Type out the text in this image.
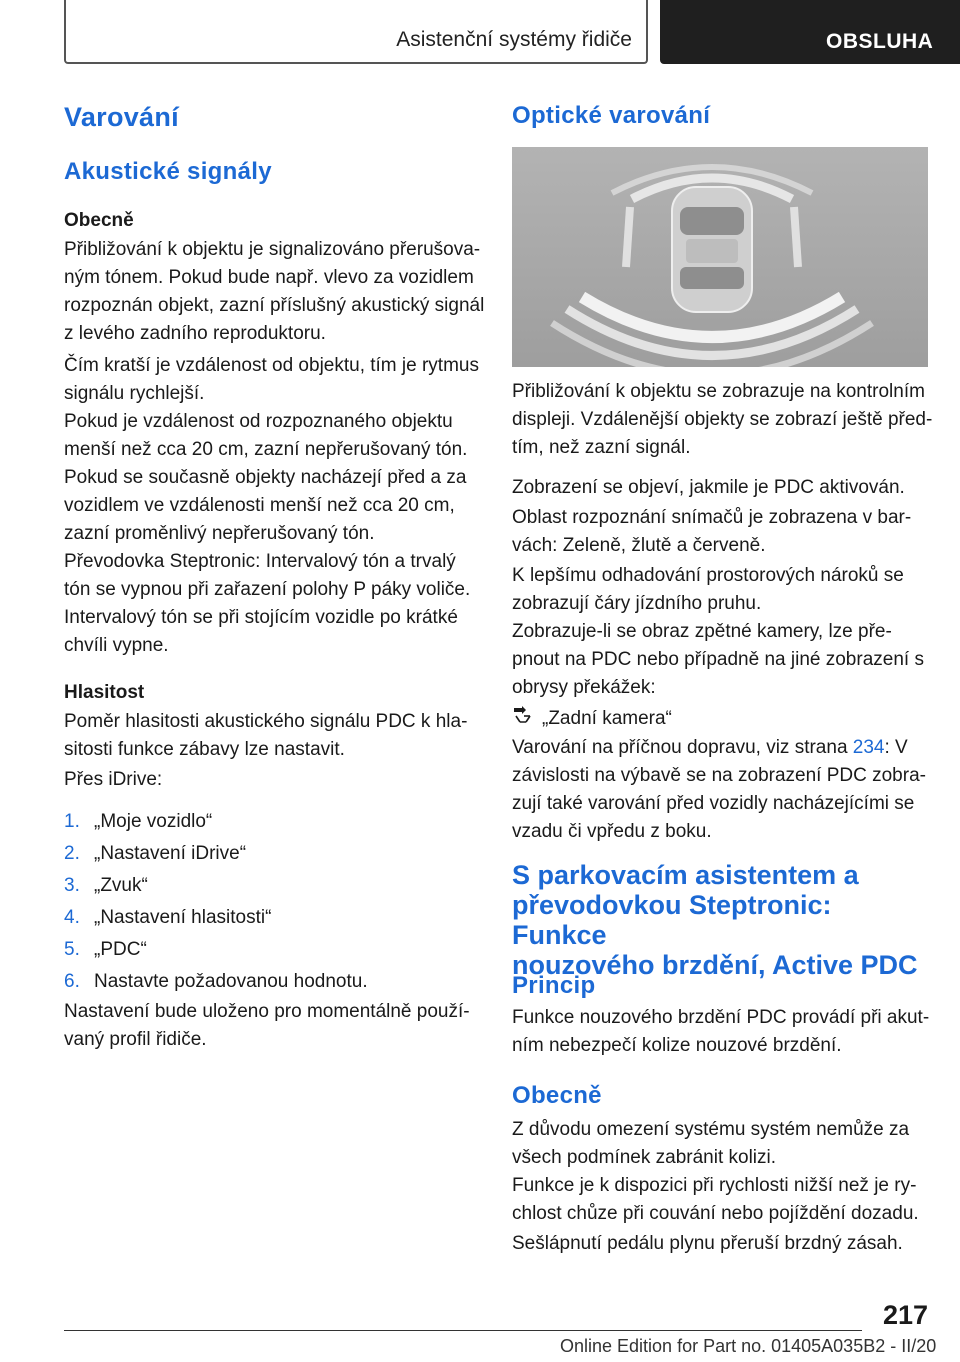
Asistenční systémy řidiče	OBSLUHA
Varování
Akustické signály
Obecně

Přibližování k objektu je signalizováno přerušova-
ným tónem. Pokud bude např. vlevo za vozidlem
rozpoznán objekt, zazní příslušný akustický signál
z levého zadního reproduktoru.

Čím kratší je vzdálenost od objektu, tím je rytmus
signálu rychlejší.

Pokud je vzdálenost od rozpoznaného objektu
menší než cca 20 cm, zazní nepřerušovaný tón.

Pokud se současně objekty nacházejí před a za
vozidlem ve vzdálenosti menší než cca 20 cm,
zazní proměnlivý nepřerušovaný tón.

Převodovka Steptronic: Intervalový tón a trvalý
tón se vypnou při zařazení polohy P páky voliče.

Intervalový tón se při stojícím vozidle po krátké
chvíli vypne.

Hlasitost

Poměr hlasitosti akustického signálu PDC k hla-
sitosti funkce zábavy lze nastavit.

Přes iDrive:

1. „Moje vozidlo“
2. „Nastavení iDrive“
3. „Zvuk“
4. „Nastavení hlasitosti“
5. „PDC“
6. Nastavte požadovanou hodnotu.

Nastavení bude uloženo pro momentálně použí-
vaný profil řidiče.

Optické varování

Přibližování k objektu se zobrazuje na kontrolním
displeji. Vzdálenější objekty se zobrazí ještě před-
tím, než zazní signál.

Zobrazení se objeví, jakmile je PDC aktivován.

Oblast rozpoznání snímačů je zobrazena v bar-
vách: Zeleně, žlutě a červeně.

K lepšímu odhadování prostorových nároků se
zobrazují čáry jízdního pruhu.

Zobrazuje-li se obraz zpětné kamery, lze pře-
pnout na PDC nebo případně na jiné zobrazení s
obrysy překážek:

„Zadní kamera“

Varování na příčnou dopravu, viz strana 234: V
závislosti na výbavě se na zobrazení PDC zobra-
zují také varování před vozidly nacházejícími se
vzadu či vpředu z boku.

S parkovacím asistentem a
převodovkou Steptronic: Funkce
nouzového brzdění, Active PDC
Princip

Funkce nouzového brzdění PDC provádí při akut-
ním nebezpečí kolize nouzové brzdění.

Obecně

Z důvodu omezení systému systém nemůže za
všech podmínek zabránit kolizi.

Funkce je k dispozici při rychlosti nižší než je ry-
chlost chůze při couvání nebo pojíždění dozadu.

Sešlápnutí pedálu plynu přeruší brzdný zásah.

217
Online Edition for Part no. 01405A035B2 - II/20
